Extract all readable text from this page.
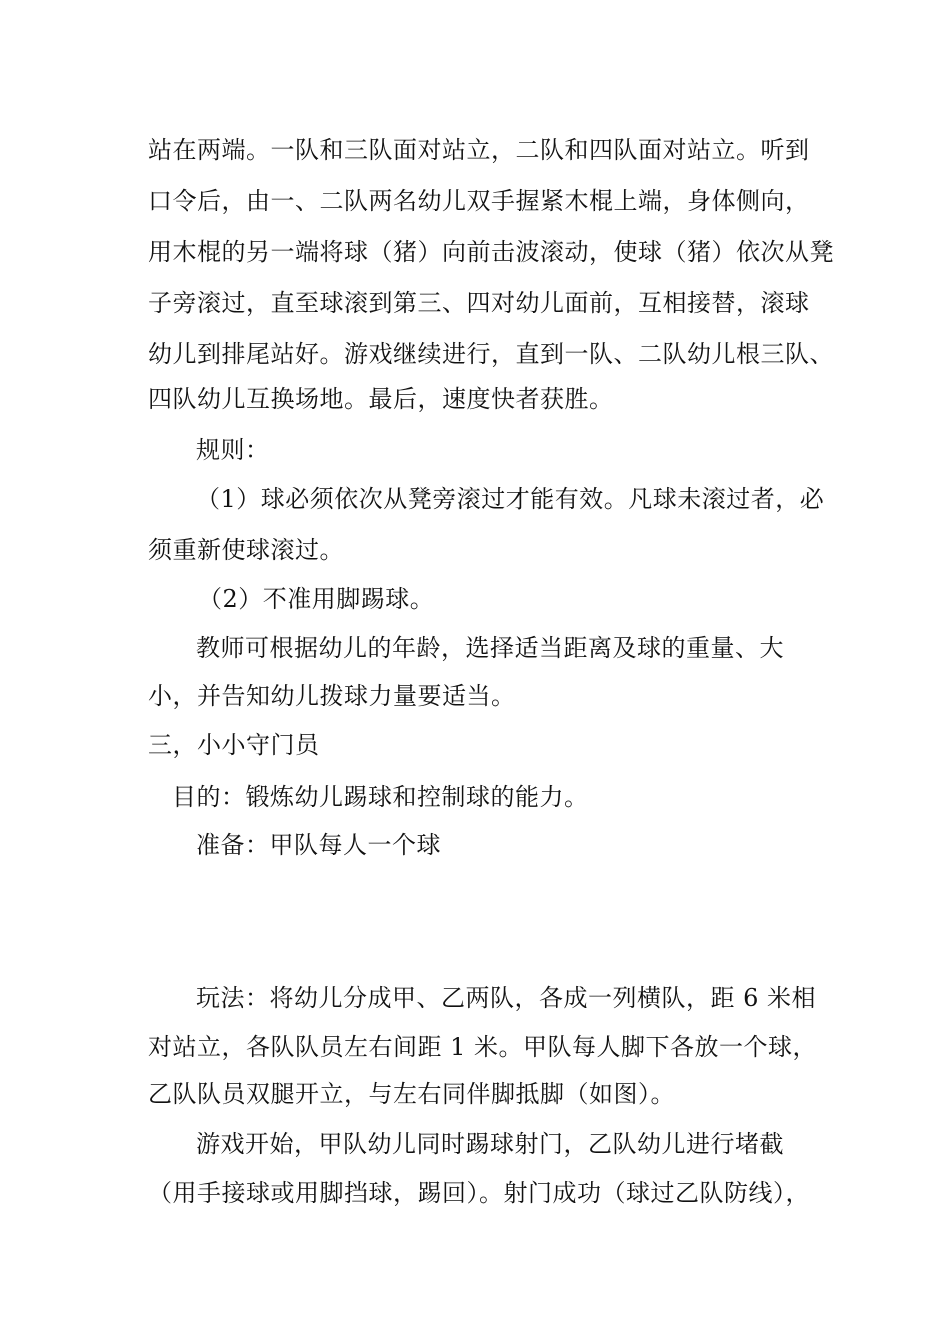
站在两端。一队和三队面对站立，二队和四队面对站立。听到
口令后，由一、二队两名幼儿双手握紧木棍上端，身体侧向，
用木棍的另一端将球（猪）向前击波滚动，使球（猪）依次从凳
子旁滚过，直至球滚到第三、四对幼儿面前，互相接替，滚球
幼儿到排尾站好。游戏继续进行，直到一队、二队幼儿根三队、
四队幼儿互换场地。最后，速度快者获胜。
规则：
（1）球必须依次从凳旁滚过才能有效。凡球未滚过者，必
须重新使球滚过。
（2）不准用脚踢球。
教师可根据幼儿的年龄，选择适当距离及球的重量、大
小，并告知幼儿拨球力量要适当。
三，小小守门员
目的：锻炼幼儿踢球和控制球的能力。
准备：甲队每人一个球
玩法：将幼儿分成甲、乙两队，各成一列横队，距 6 米相
对站立，各队队员左右间距 1 米。甲队每人脚下各放一个球，
乙队队员双腿开立，与左右同伴脚抵脚（如图）。
游戏开始，甲队幼儿同时踢球射门，乙队幼儿进行堵截
（用手接球或用脚挡球，踢回）。射门成功（球过乙队防线），
